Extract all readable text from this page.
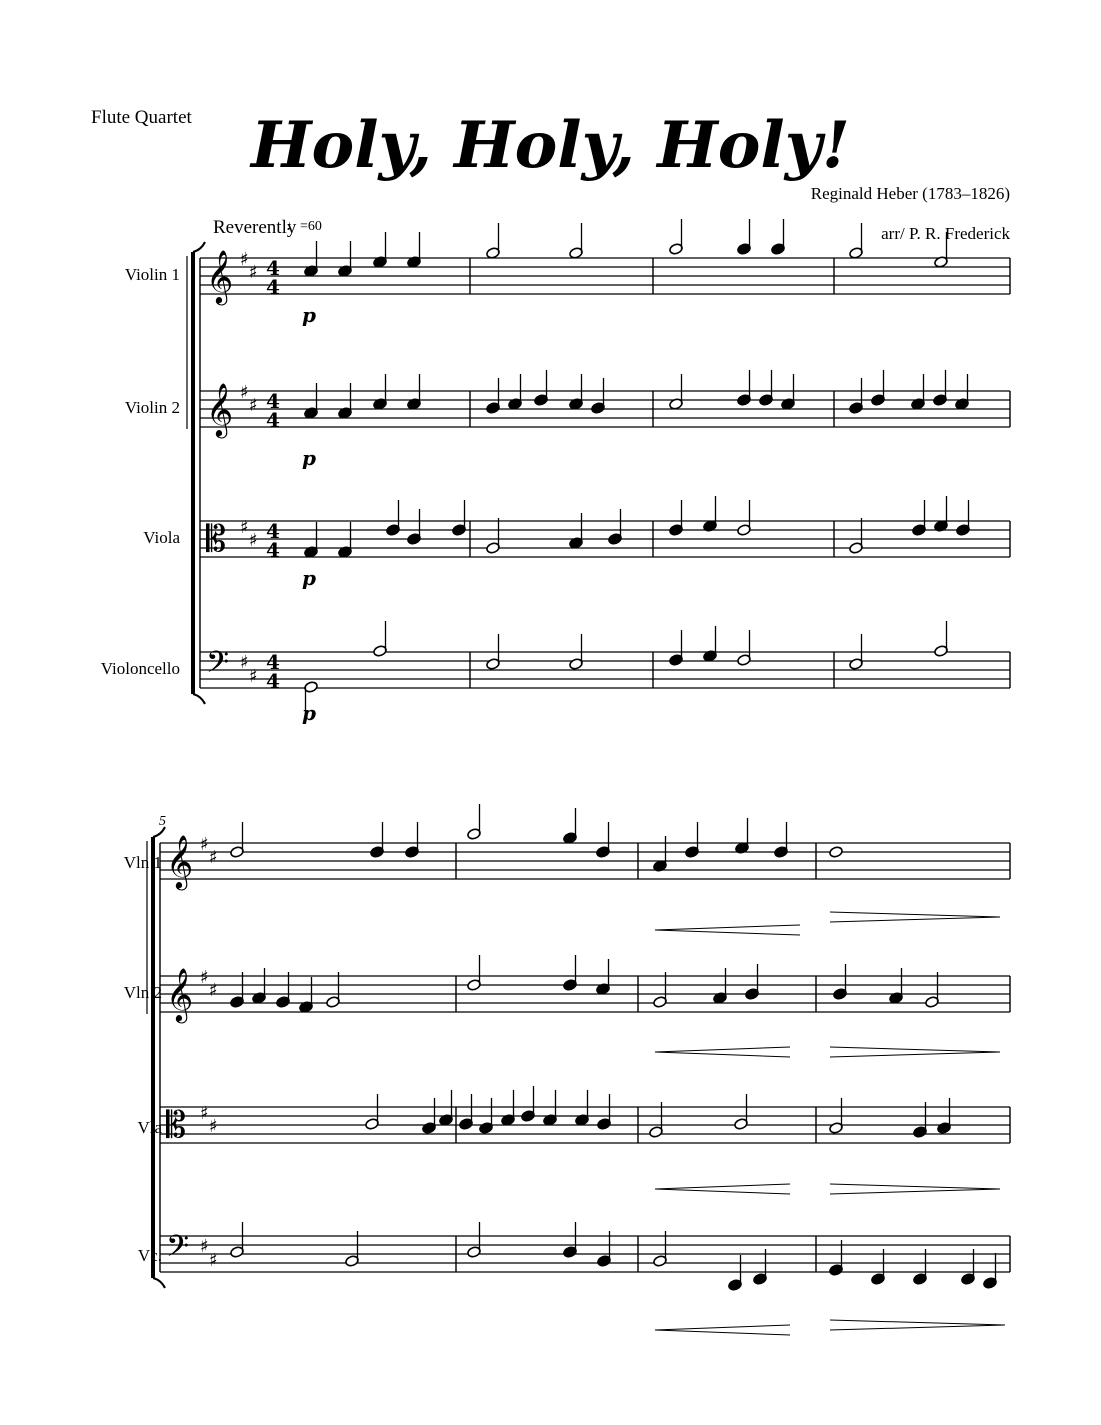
Flute Quartet Holy, Holy, Holy!
Reginald Heber (1783–1826)
arr/ P. R. Frederick
Reverently
♩=60
Violin 1
Violin 2
Viola
Violoncello
Vln 1
Vln 2
Vla
Vc.
5
𝄞 ♯
♯ 4
4
𝄞 ♯
♯ 4
4
𝄡 ♯
♯ 4
4
𝄢 ♯
♯
4
4
p
p
p
p
𝄞 ♯
♯
𝄞 ♯
♯
𝄡 ♯
♯
𝄢 ♯
♯
